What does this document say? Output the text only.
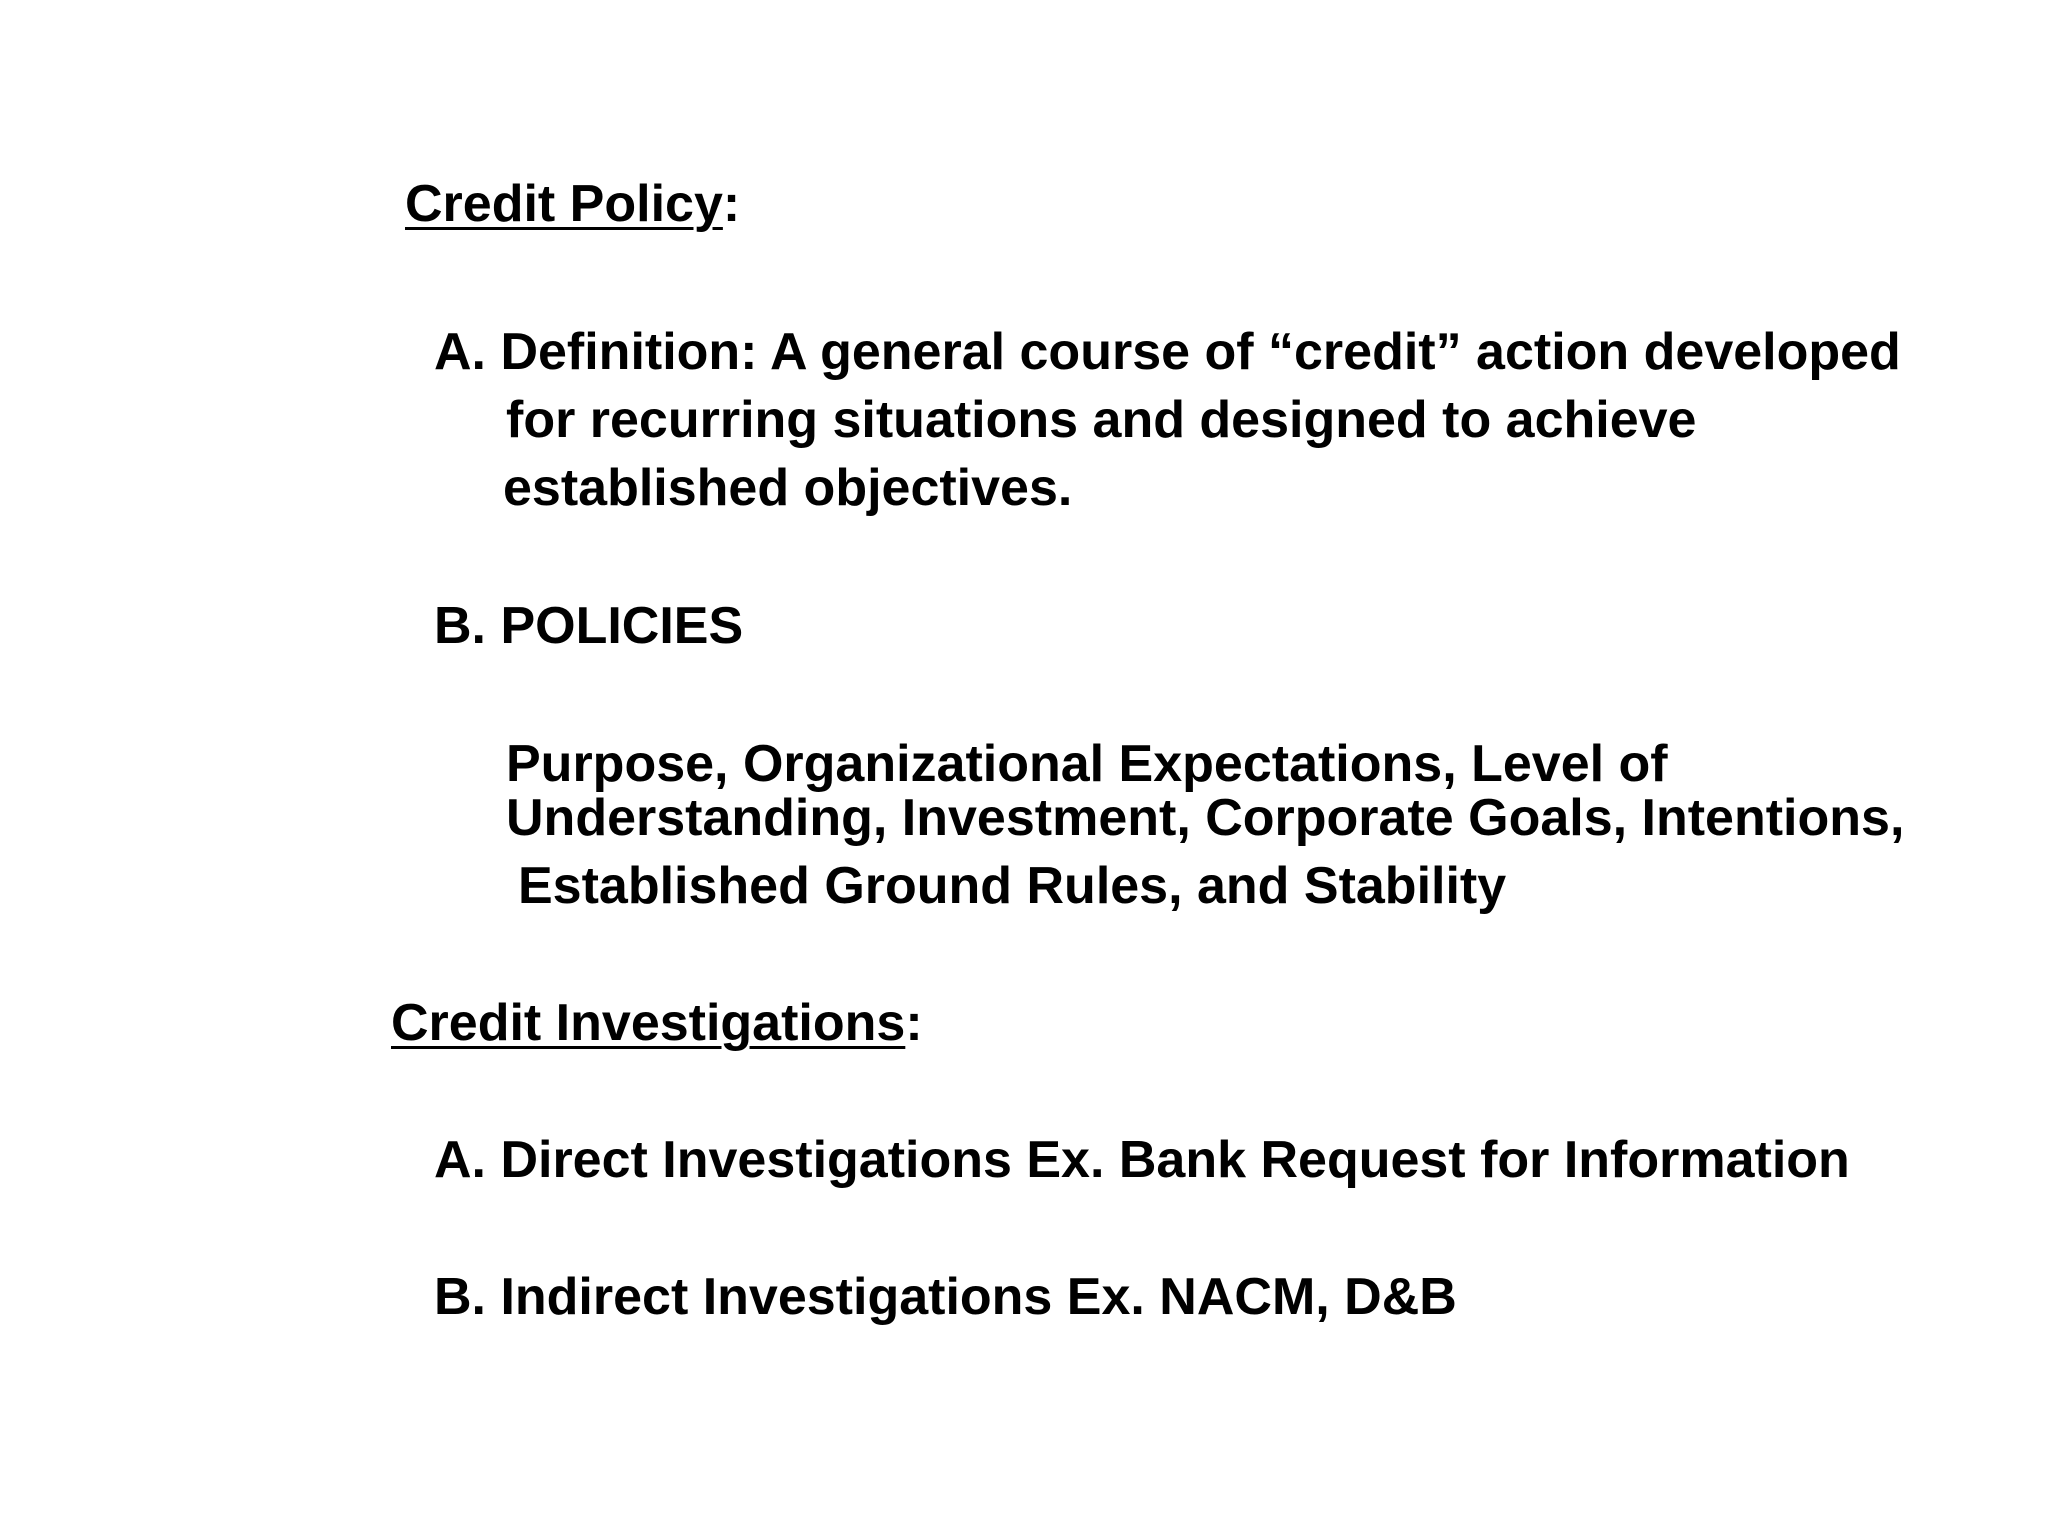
Credit Policy:
A. Definition: A general course of “credit” action developed
for recurring situations and designed to achieve
established objectives.
B. POLICIES
Purpose, Organizational Expectations, Level of
Understanding, Investment, Corporate Goals, Intentions,
Established Ground Rules, and Stability
Credit Investigations:
A. Direct Investigations Ex. Bank Request for Information
B. Indirect Investigations Ex. NACM, D&B
